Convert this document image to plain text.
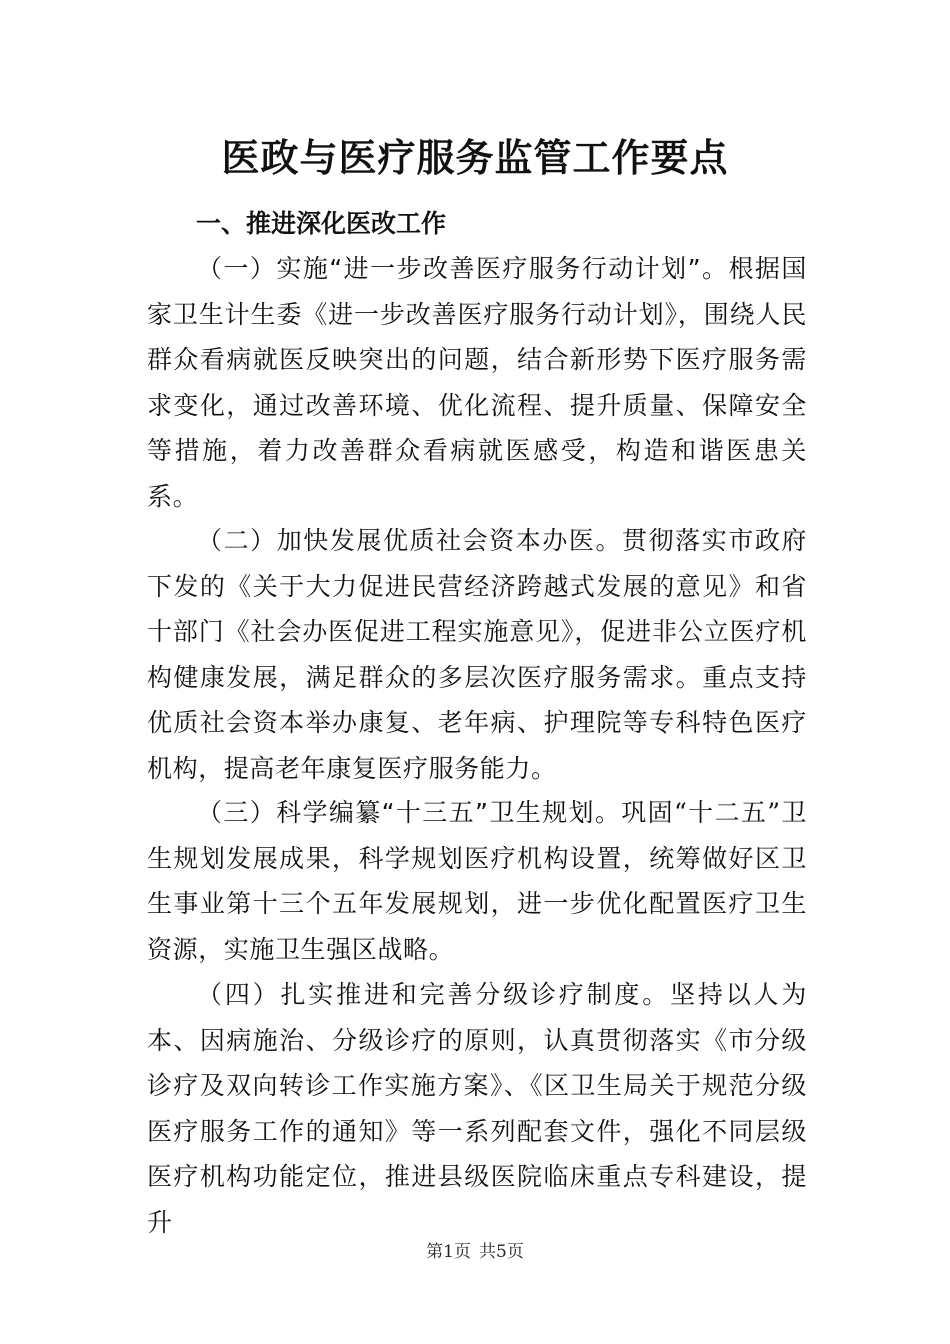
医政与医疗服务监管工作要点
一、推进深化医改工作

（一）实施“进一步改善医疗服务行动计划”。根据国家卫生计生委《进一步改善医疗服务行动计划》，围绕人民群众看病就医反映突出的问题，结合新形势下医疗服务需求变化，通过改善环境、优化流程、提升质量、保障安全等措施，着力改善群众看病就医感受，构造和谐医患关系。

（二）加快发展优质社会资本办医。贯彻落实市政府下发的《关于大力促进民营经济跨越式发展的意见》和省十部门《社会办医促进工程实施意见》，促进非公立医疗机构健康发展，满足群众的多层次医疗服务需求。重点支持优质社会资本举办康复、老年病、护理院等专科特色医疗机构，提高老年康复医疗服务能力。

（三）科学编纂“十三五”卫生规划。巩固“十二五”卫生规划发展成果，科学规划医疗机构设置，统筹做好区卫生事业第十三个五年发展规划，进一步优化配置医疗卫生资源，实施卫生强区战略。

（四）扎实推进和完善分级诊疗制度。坚持以人为本、因病施治、分级诊疗的原则，认真贯彻落实《市分级诊疗及双向转诊工作实施方案》、《区卫生局关于规范分级医疗服务工作的通知》等一系列配套文件，强化不同层级医疗机构功能定位，推进县级医院临床重点专科建设，提升

第1页 共5页
